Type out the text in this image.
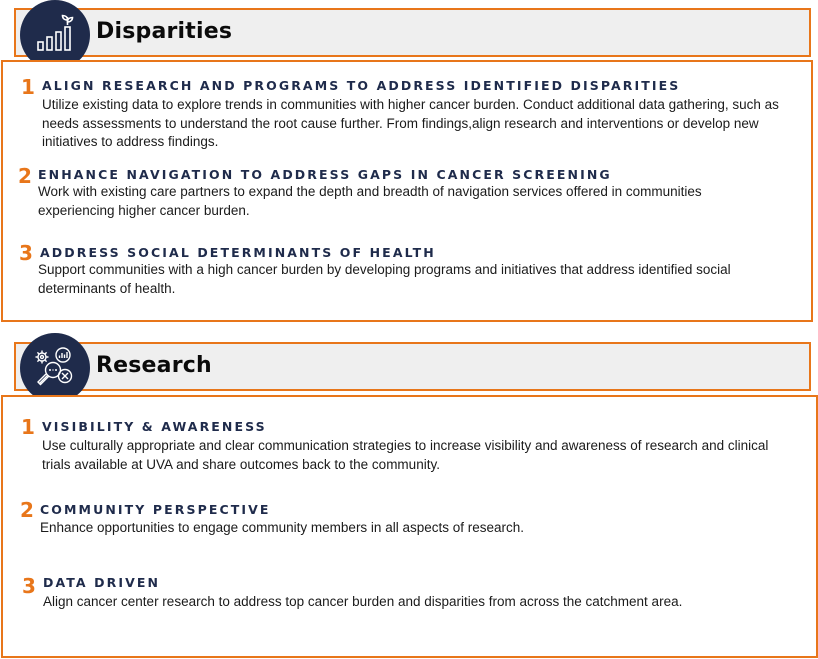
Disparities
1 ALIGN RESEARCH AND PROGRAMS TO ADDRESS IDENTIFIED DISPARITIES
Utilize existing data to explore trends in communities with higher cancer burden. Conduct additional data gathering, such as needs assessments to understand the root cause further. From findings,align research and interventions or develop new initiatives to address findings.
2 ENHANCE NAVIGATION TO ADDRESS GAPS IN CANCER SCREENING
Work with existing care partners to expand the depth and breadth of navigation services offered in communities experiencing higher cancer burden.
3 ADDRESS SOCIAL DETERMINANTS OF HEALTH
Support communities with a high cancer burden by developing programs and initiatives that address identified social determinants of health.
Research
1 VISIBILITY & AWARENESS
Use culturally appropriate and clear communication strategies to increase visibility and awareness of research and clinical trials available at UVA and share outcomes back to the community.
2 COMMUNITY PERSPECTIVE
Enhance opportunities to engage community members in all aspects of research.
3 DATA DRIVEN
Align cancer center research to address top cancer burden and disparities from across the catchment area.
